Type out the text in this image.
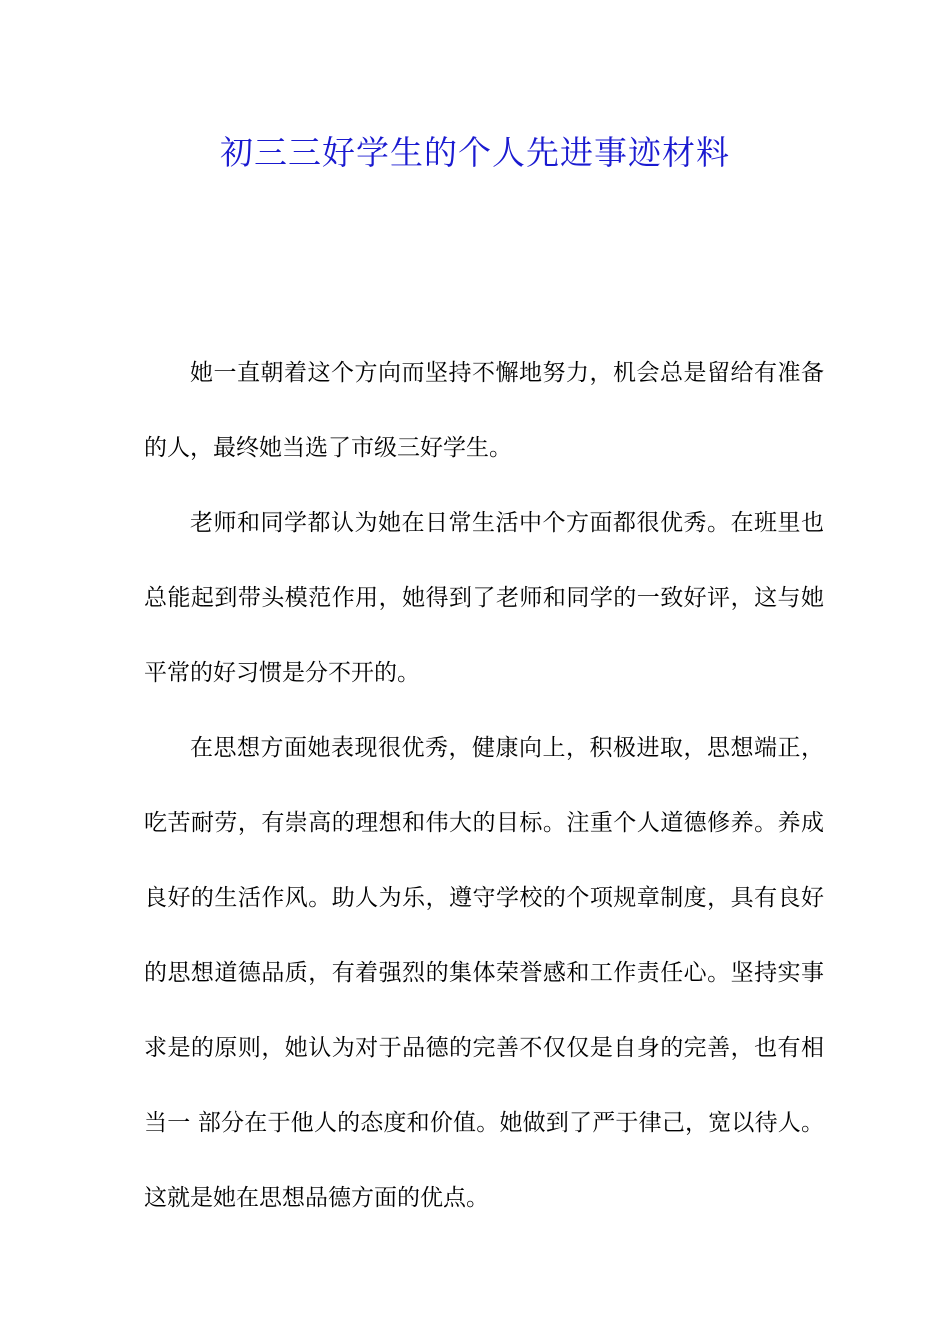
初三三好学生的个人先进事迹材料

她一直朝着这个方向而坚持不懈地努力，机会总是留给有准备的人，最终她当选了市级三好学生。

老师和同学都认为她在日常生活中个方面都很优秀。在班里也总能起到带头模范作用，她得到了老师和同学的一致好评，这与她平常的好习惯是分不开的。

在思想方面她表现很优秀，健康向上，积极进取，思想端正，吃苦耐劳，有崇高的理想和伟大的目标。注重个人道德修养。养成良好的生活作风。助人为乐，遵守学校的个项规章制度，具有良好的思想道德品质，有着强烈的集体荣誉感和工作责任心。坚持实事求是的原则，她认为对于品德的完善不仅仅是自身的完善，也有相当一 部分在于他人的态度和价值。她做到了严于律己，宽以待人。 这就是她在思想品德方面的优点。
